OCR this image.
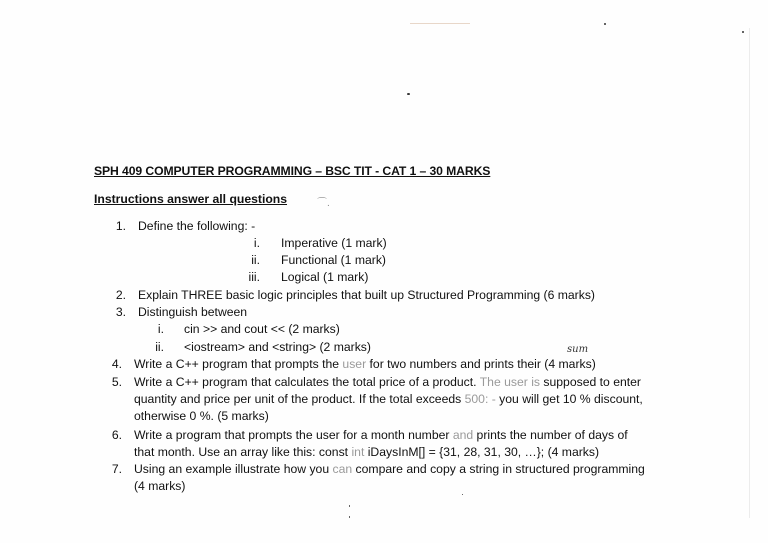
SPH 409 COMPUTER PROGRAMMING – BSC TIT - CAT 1 – 30 MARKS
Instructions answer all questions	⌒.
1. Define the following: -
i. Imperative (1 mark)
ii. Functional (1 mark)
iii. Logical (1 mark)
2. Explain THREE basic logic principles that built up Structured Programming (6 marks)
3. Distinguish between
i. cin >> and cout << (2 marks)
ii. <iostream> and <string> (2 marks)	sum
4. Write a C++ program that prompts the user for two numbers and prints their (4 marks)
5. Write a C++ program that calculates the total price of a product. The user is supposed to enter
quantity and price per unit of the product. If the total exceeds 500: - you will get 10 % discount,
otherwise 0 %. (5 marks)
6. Write a program that prompts the user for a month number and prints the number of days of
that month. Use an array like this: const int iDaysInM[] = {31, 28, 31, 30, …}; (4 marks)
7. Using an example illustrate how you can compare and copy a string in structured programming
(4 marks)
